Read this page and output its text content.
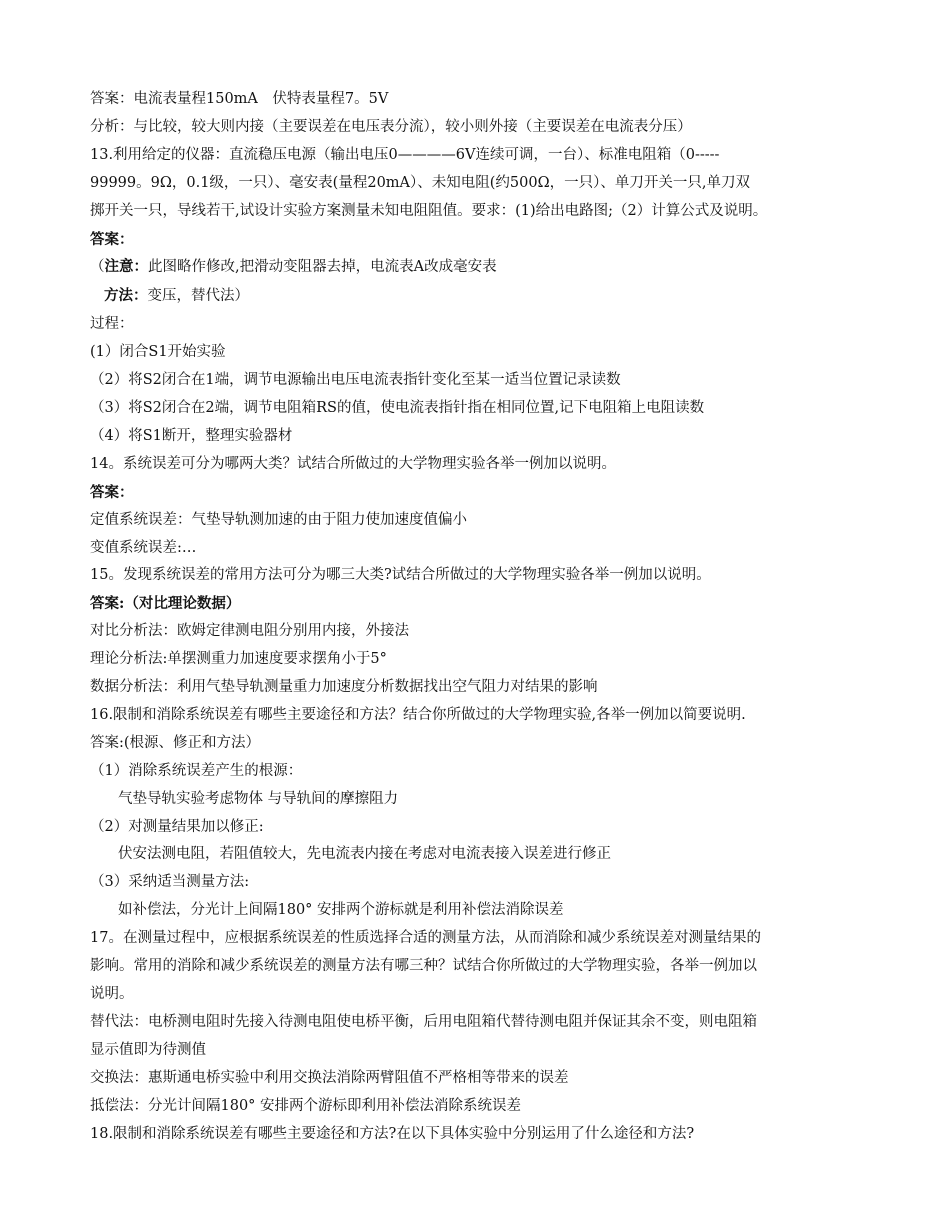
答案：电流表量程150mA　伏特表量程7。5V
分析：与比较，较大则内接（主要误差在电压表分流），较小则外接（主要误差在电流表分压）
13.利用给定的仪器：直流稳压电源（输出电压0————6V连续可调，一台）、标准电阻箱（0-----
99999。9Ω，0.1级，一只）、毫安表(量程20mA）、未知电阻(约500Ω，一只）、单刀开关一只,单刀双
掷开关一只，导线若干,试设计实验方案测量未知电阻阻值。要求：(1)给出电路图;（2）计算公式及说明。
答案：
（注意：此图略作修改,把滑动变阻器去掉，电流表A改成毫安表
方法：变压，替代法）
过程：
(1）闭合S1开始实验
（2）将S2闭合在1端，调节电源输出电压电流表指针变化至某一适当位置记录读数
（3）将S2闭合在2端，调节电阻箱RS的值，使电流表指针指在相同位置,记下电阻箱上电阻读数
（4）将S1断开，整理实验器材
14。系统误差可分为哪两大类？试结合所做过的大学物理实验各举一例加以说明。
答案：
定值系统误差：气垫导轨测加速的由于阻力使加速度值偏小
变值系统误差:…
15。发现系统误差的常用方法可分为哪三大类?试结合所做过的大学物理实验各举一例加以说明。
答案:（对比理论数据）
对比分析法：欧姆定律测电阻分别用内接，外接法
理论分析法:单摆测重力加速度要求摆角小于5°
数据分析法：利用气垫导轨测量重力加速度分析数据找出空气阻力对结果的影响
16.限制和消除系统误差有哪些主要途径和方法？结合你所做过的大学物理实验,各举一例加以简要说明.
答案:(根源、修正和方法）
（1）消除系统误差产生的根源：
气垫导轨实验考虑物体 与导轨间的摩擦阻力
（2）对测量结果加以修正:
伏安法测电阻，若阻值较大，先电流表内接在考虑对电流表接入误差进行修正
（3）采纳适当测量方法:
如补偿法，分光计上间隔180° 安排两个游标就是利用补偿法消除误差
17。在测量过程中，应根据系统误差的性质选择合适的测量方法，从而消除和减少系统误差对测量结果的
影响。常用的消除和减少系统误差的测量方法有哪三种？试结合你所做过的大学物理实验，各举一例加以
说明。
替代法：电桥测电阻时先接入待测电阻使电桥平衡，后用电阻箱代替待测电阻并保证其余不变，则电阻箱
显示值即为待测值
交换法：惠斯通电桥实验中利用交换法消除两臂阻值不严格相等带来的误差
抵偿法：分光计间隔180° 安排两个游标即利用补偿法消除系统误差
18.限制和消除系统误差有哪些主要途径和方法?在以下具体实验中分别运用了什么途径和方法?
